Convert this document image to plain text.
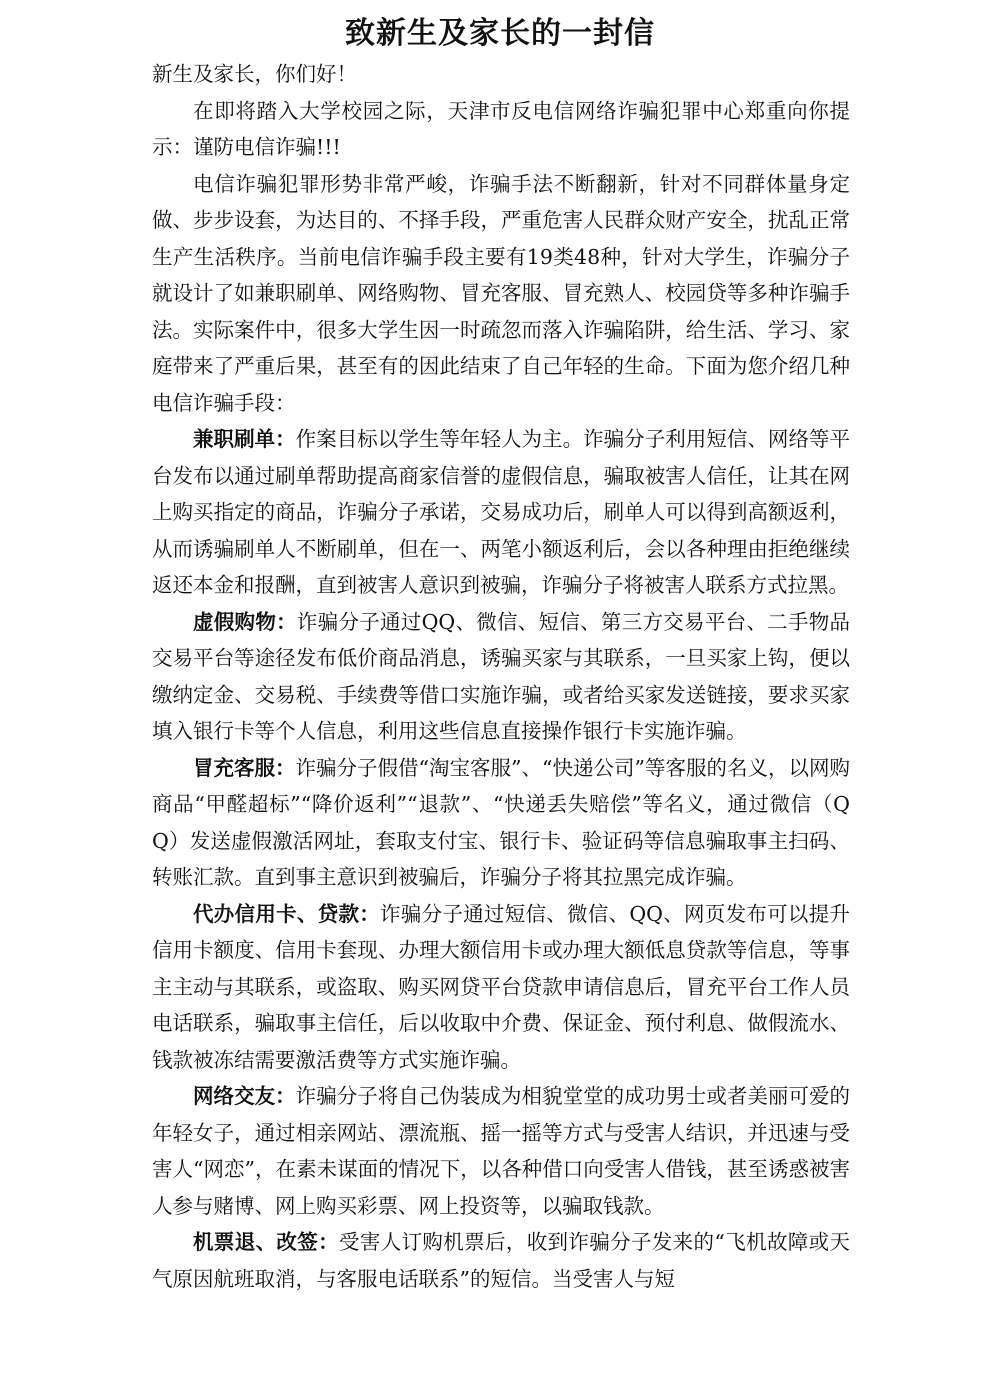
致新生及家长的一封信

新生及家长，你们好！

在即将踏入大学校园之际，天津市反电信网络诈骗犯罪中心郑重向你提示：谨防电信诈骗!!!

电信诈骗犯罪形势非常严峻，诈骗手法不断翻新，针对不同群体量身定做、步步设套，为达目的、不择手段，严重危害人民群众财产安全，扰乱正常生产生活秩序。当前电信诈骗手段主要有19类48种，针对大学生，诈骗分子就设计了如兼职刷单、网络购物、冒充客服、冒充熟人、校园贷等多种诈骗手法。实际案件中，很多大学生因一时疏忽而落入诈骗陷阱，给生活、学习、家庭带来了严重后果，甚至有的因此结束了自己年轻的生命。下面为您介绍几种电信诈骗手段：

兼职刷单：作案目标以学生等年轻人为主。诈骗分子利用短信、网络等平台发布以通过刷单帮助提高商家信誉的虚假信息，骗取被害人信任，让其在网上购买指定的商品，诈骗分子承诺，交易成功后，刷单人可以得到高额返利，从而诱骗刷单人不断刷单，但在一、两笔小额返利后，会以各种理由拒绝继续返还本金和报酬，直到被害人意识到被骗，诈骗分子将被害人联系方式拉黑。

虚假购物：诈骗分子通过QQ、微信、短信、第三方交易平台、二手物品交易平台等途径发布低价商品消息，诱骗买家与其联系，一旦买家上钩，便以缴纳定金、交易税、手续费等借口实施诈骗，或者给买家发送链接，要求买家填入银行卡等个人信息，利用这些信息直接操作银行卡实施诈骗。

冒充客服：诈骗分子假借“淘宝客服”、“快递公司”等客服的名义，以网购商品“甲醛超标”“降价返利”“退款”、“快递丢失赔偿”等名义，通过微信（QQ）发送虚假激活网址，套取支付宝、银行卡、验证码等信息骗取事主扫码、转账汇款。直到事主意识到被骗后，诈骗分子将其拉黑完成诈骗。

代办信用卡、贷款：诈骗分子通过短信、微信、QQ、网页发布可以提升信用卡额度、信用卡套现、办理大额信用卡或办理大额低息贷款等信息，等事主主动与其联系，或盗取、购买网贷平台贷款申请信息后，冒充平台工作人员电话联系，骗取事主信任，后以收取中介费、保证金、预付利息、做假流水、钱款被冻结需要激活费等方式实施诈骗。

网络交友：诈骗分子将自己伪装成为相貌堂堂的成功男士或者美丽可爱的年轻女子，通过相亲网站、漂流瓶、摇一摇等方式与受害人结识，并迅速与受害人“网恋”，在素未谋面的情况下，以各种借口向受害人借钱，甚至诱惑被害人参与赌博、网上购买彩票、网上投资等，以骗取钱款。

机票退、改签：受害人订购机票后，收到诈骗分子发来的“飞机故障或天气原因航班取消，与客服电话联系”的短信。当受害人与短
